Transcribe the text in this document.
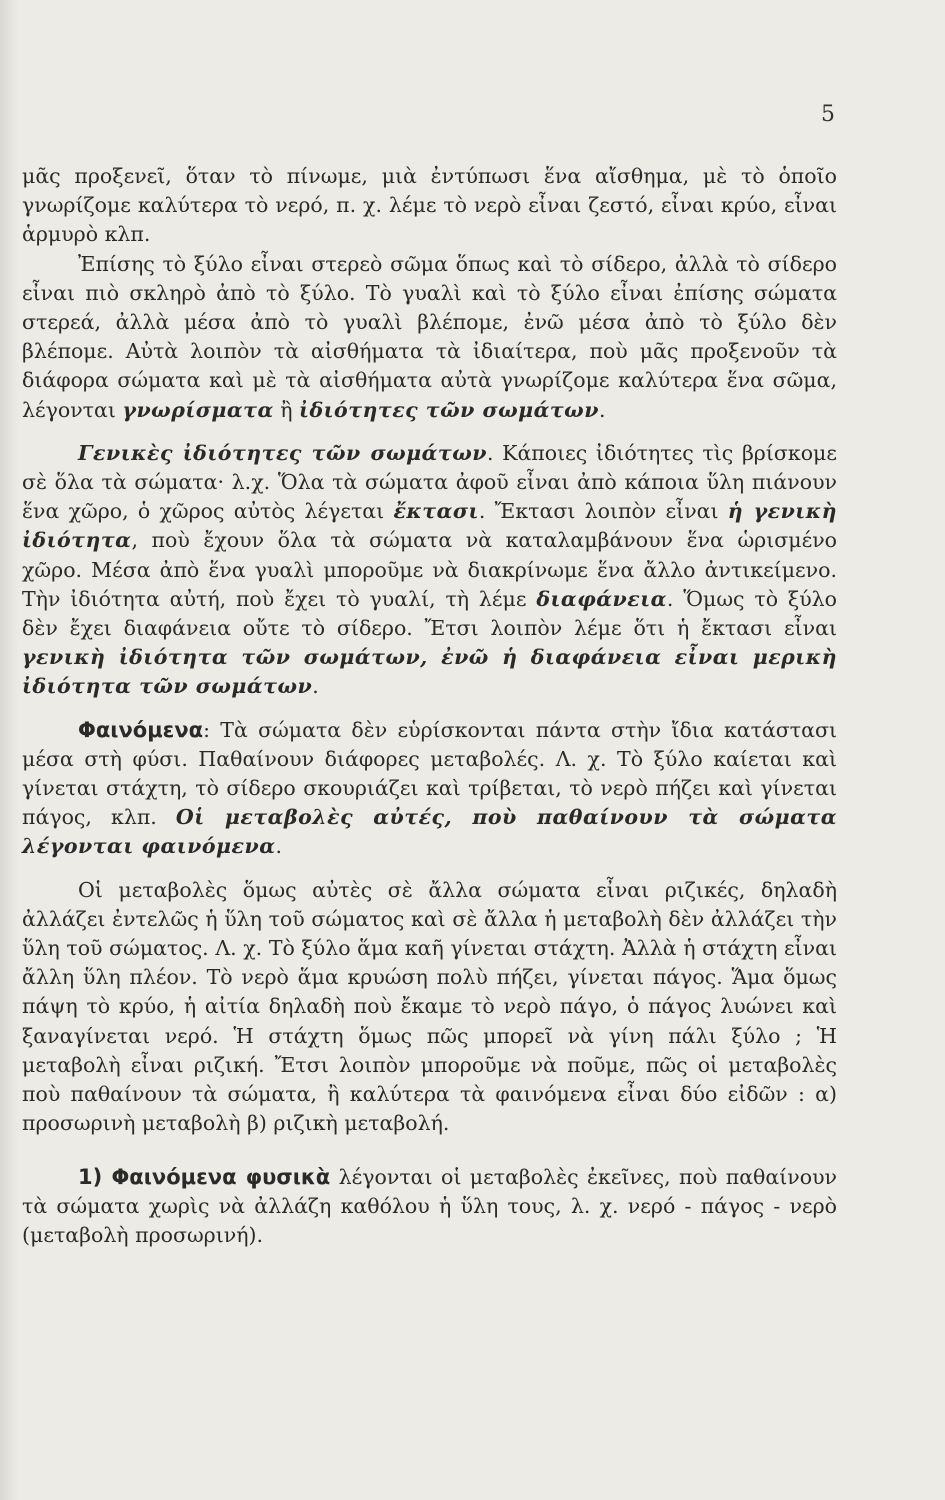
5

μᾶς προξενεῖ, ὅταν τὸ πίνωμε, μιὰ ἐντύπωσι ἕνα αἴσθημα, μὲ τὸ ὁποῖο γνωρίζομε καλύτερα τὸ νερό, π. χ. λέμε τὸ νερὸ εἶναι ζεστό, εἶναι κρύο, εἶναι ἁρμυρὸ κλπ.

Ἐπίσης τὸ ξύλο εἶναι στερεὸ σῶμα ὅπως καὶ τὸ σίδερο, ἀλλὰ τὸ σίδερο εἶναι πιὸ σκληρὸ ἀπὸ τὸ ξύλο. Τὸ γυαλὶ καὶ τὸ ξύλο εἶναι ἐπίσης σώματα στερεά, ἀλλὰ μέσα ἀπὸ τὸ γυαλὶ βλέπομε, ἐνῶ μέσα ἀπὸ τὸ ξύλο δὲν βλέπομε. Αὐτὰ λοιπὸν τὰ αἰσθήματα τὰ ἰδιαίτερα, ποὺ μᾶς προξενοῦν τὰ διάφορα σώματα καὶ μὲ τὰ αἰσθήματα αὐτὰ γνωρίζομε καλύτερα ἕνα σῶμα, λέγονται γνωρίσματα ἢ ἰδιότητες τῶν σωμάτων.

Γενικὲς ἰδιότητες τῶν σωμάτων. Κάποιες ἰδιότητες τὶς βρίσκομε σὲ ὅλα τὰ σώματα· λ.χ. Ὅλα τὰ σώματα ἀφοῦ εἶναι ἀπὸ κάποια ὕλη πιάνουν ἕνα χῶρο, ὁ χῶρος αὐτὸς λέγεται ἔκτασι. Ἔκτασι λοιπὸν εἶναι ἡ γενικὴ ἰδιότητα, ποὺ ἔχουν ὅλα τὰ σώματα νὰ καταλαμβάνουν ἕνα ὡρισμένο χῶρο. Μέσα ἀπὸ ἕνα γυαλὶ μποροῦμε νὰ διακρίνωμε ἕνα ἄλλο ἀντικείμενο. Τὴν ἰδιότητα αὐτή, ποὺ ἔχει τὸ γυαλί, τὴ λέμε διαφάνεια. Ὅμως τὸ ξύλο δὲν ἔχει διαφάνεια οὔτε τὸ σίδερο. Ἔτσι λοιπὸν λέμε ὅτι ἡ ἔκτασι εἶναι γενικὴ ἰδιότητα τῶν σωμάτων, ἐνῶ ἡ διαφάνεια εἶναι μερικὴ ἰδιότητα τῶν σωμάτων.

Φαινόμενα: Τὰ σώματα δὲν εὑρίσκονται πάντα στὴν ἴδια κατάστασι μέσα στὴ φύσι. Παθαίνουν διάφορες μεταβολές. Λ. χ. Τὸ ξύλο καίεται καὶ γίνεται στάχτη, τὸ σίδερο σκουριάζει καὶ τρίβεται, τὸ νερὸ πήζει καὶ γίνεται πάγος, κλπ. Οἱ μεταβολὲς αὐτές, ποὺ παθαίνουν τὰ σώματα λέγονται φαινόμενα.

Οἱ μεταβολὲς ὅμως αὐτὲς σὲ ἄλλα σώματα εἶναι ριζικές, δηλαδὴ ἀλλάζει ἐντελῶς ἡ ὕλη τοῦ σώματος καὶ σὲ ἄλλα ἡ μεταβολὴ δὲν ἀλλάζει τὴν ὕλη τοῦ σώματος. Λ. χ. Τὸ ξύλο ἅμα καῆ γίνεται στάχτη. Ἀλλὰ ἡ στάχτη εἶναι ἄλλη ὕλη πλέον. Τὸ νερὸ ἅμα κρυώση πολὺ πήζει, γίνεται πάγος. Ἅμα ὅμως πάψη τὸ κρύο, ἡ αἰτία δηλαδὴ ποὺ ἔκαμε τὸ νερὸ πάγο, ὁ πάγος λυώνει καὶ ξαναγίνεται νερό. Ἡ στάχτη ὅμως πῶς μπορεῖ νὰ γίνη πάλι ξύλο ; Ἡ μεταβολὴ εἶναι ριζική. Ἔτσι λοιπὸν μποροῦμε νὰ ποῦμε, πῶς οἱ μεταβολὲς ποὺ παθαίνουν τὰ σώματα, ἢ καλύτερα τὰ φαινόμενα εἶναι δύο εἰδῶν : α) προσωρινὴ μεταβολὴ β) ριζικὴ μεταβολή.

1) Φαινόμενα φυσικὰ λέγονται οἱ μεταβολὲς ἐκεῖνες, ποὺ παθαίνουν τὰ σώματα χωρὶς νὰ ἀλλάζη καθόλου ἡ ὕλη τους, λ. χ. νερό - πάγος - νερὸ (μεταβολὴ προσωρινή).
